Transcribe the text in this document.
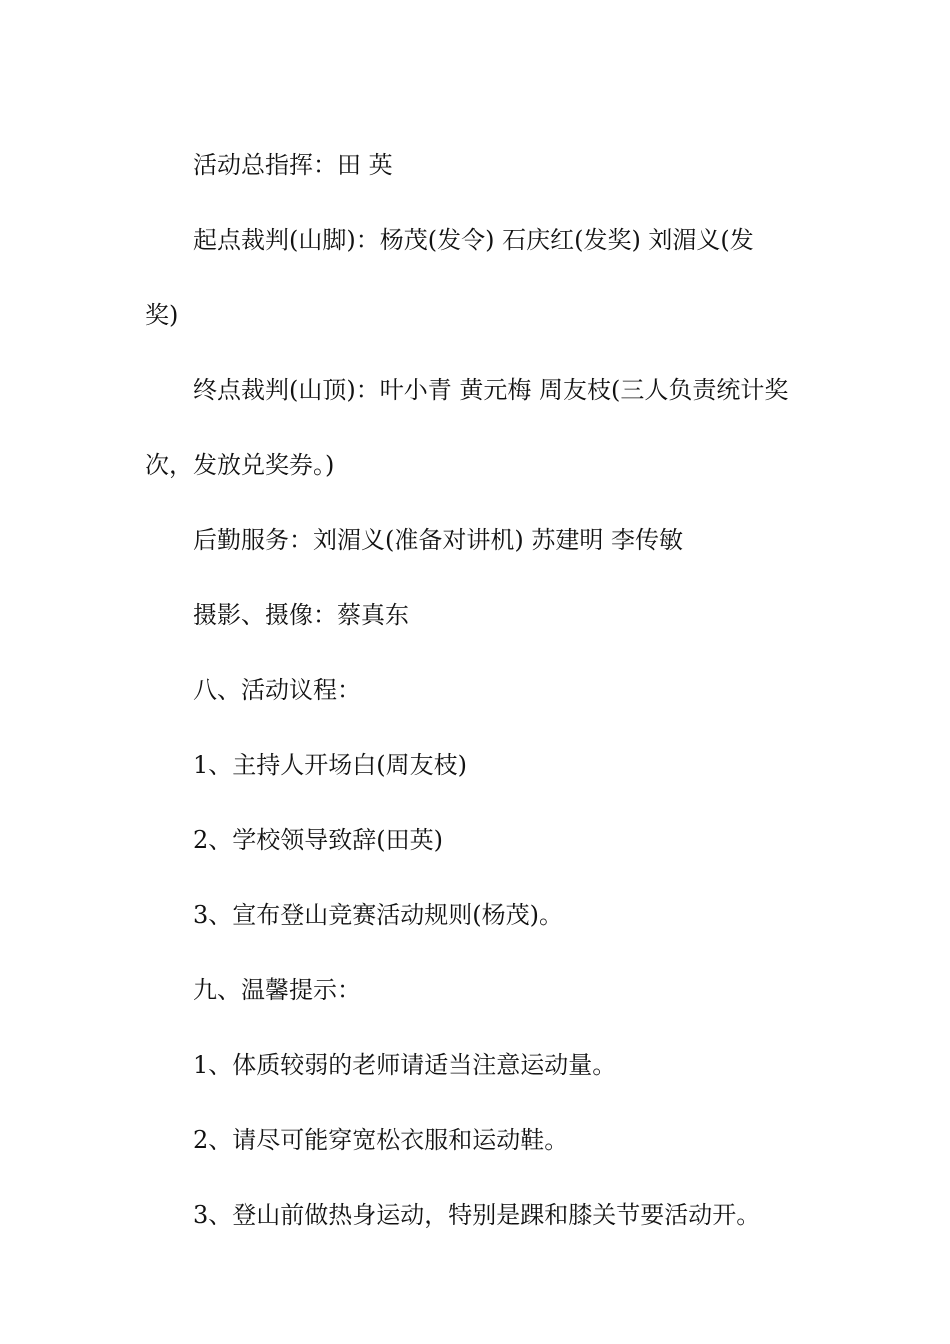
活动总指挥：田 英
起点裁判(山脚)：杨茂(发令) 石庆红(发奖) 刘湄义(发
奖)
终点裁判(山顶)：叶小青 黄元梅 周友枝(三人负责统计奖
次，发放兑奖券。)
后勤服务：刘湄义(准备对讲机) 苏建明 李传敏
摄影、摄像：蔡真东
八、活动议程：
1、主持人开场白(周友枝)
2、学校领导致辞(田英)
3、宣布登山竞赛活动规则(杨茂)。
九、温馨提示：
1、体质较弱的老师请适当注意运动量。
2、请尽可能穿宽松衣服和运动鞋。
3、登山前做热身运动，特别是踝和膝关节要活动开。
